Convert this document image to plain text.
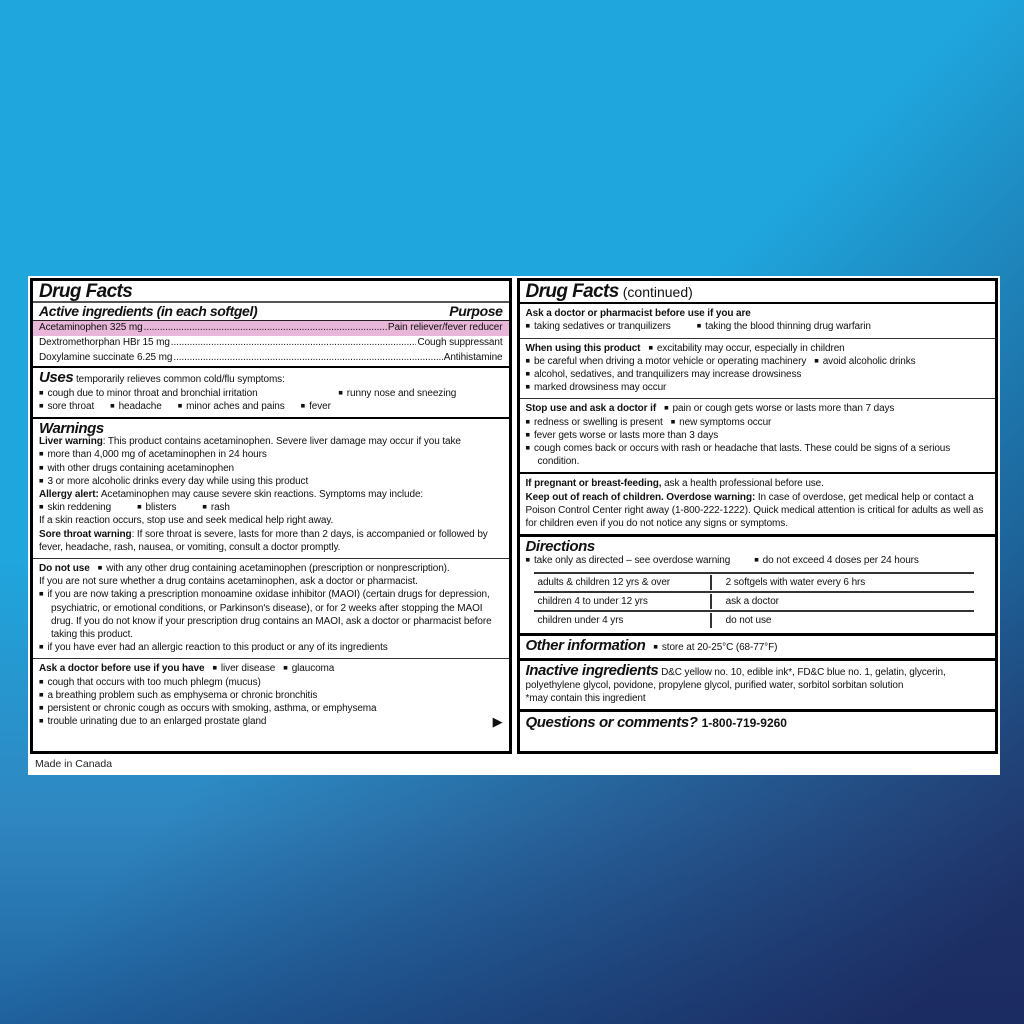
Drug Facts
Active ingredients (in each softgel)	Purpose
Acetaminophen 325 mg .....	Pain reliever/fever reducer
Dextromethorphan HBr 15 mg .....	Cough suppressant
Doxylamine succinate 6.25 mg .....	Antihistamine
Uses temporarily relieves common cold/flu symptoms:
■ cough due to minor throat and bronchial irritation	■ runny nose and sneezing
■ sore throat	■ headache	■ minor aches and pains	■ fever
Warnings
Liver warning: This product contains acetaminophen. Severe liver damage may occur if you take
■ more than 4,000 mg of acetaminophen in 24 hours
■ with other drugs containing acetaminophen
■ 3 or more alcoholic drinks every day while using this product
Allergy alert: Acetaminophen may cause severe skin reactions. Symptoms may include:
■ skin reddening	■ blisters	■ rash
If a skin reaction occurs, stop use and seek medical help right away.
Sore throat warning: If sore throat is severe, lasts for more than 2 days, is accompanied or followed by fever, headache, rash, nausea, or vomiting, consult a doctor promptly.
Do not use ■ with any other drug containing acetaminophen (prescription or nonprescription).
If you are not sure whether a drug contains acetaminophen, ask a doctor or pharmacist.
■ if you are now taking a prescription monoamine oxidase inhibitor (MAOI) (certain drugs for depression, psychiatric, or emotional conditions, or Parkinson's disease), or for 2 weeks after stopping the MAOI drug. If you do not know if your prescription drug contains an MAOI, ask a doctor or pharmacist before taking this product.
■ if you have ever had an allergic reaction to this product or any of its ingredients
Ask a doctor before use if you have ■ liver disease ■ glaucoma
■ cough that occurs with too much phlegm (mucus)
■ a breathing problem such as emphysema or chronic bronchitis
■ persistent or chronic cough as occurs with smoking, asthma, or emphysema
■ trouble urinating due to an enlarged prostate gland	▶
Drug Facts (continued)
Ask a doctor or pharmacist before use if you are
■ taking sedatives or tranquilizers	■ taking the blood thinning drug warfarin
When using this product ■ excitability may occur, especially in children
■ be careful when driving a motor vehicle or operating machinery ■ avoid alcoholic drinks
■ alcohol, sedatives, and tranquilizers may increase drowsiness
■ marked drowsiness may occur
Stop use and ask a doctor if ■ pain or cough gets worse or lasts more than 7 days
■ redness or swelling is present ■ new symptoms occur
■ fever gets worse or lasts more than 3 days
■ cough comes back or occurs with rash or headache that lasts. These could be signs of a serious condition.
If pregnant or breast-feeding, ask a health professional before use.
Keep out of reach of children. Overdose warning: In case of overdose, get medical help or contact a Poison Control Center right away (1-800-222-1222). Quick medical attention is critical for adults as well as for children even if you do not notice any signs or symptoms.
Directions
■ take only as directed – see overdose warning	■ do not exceed 4 doses per 24 hours
adults & children 12 yrs & over	2 softgels with water every 6 hrs
children 4 to under 12 yrs	ask a doctor
children under 4 yrs	do not use
Other information ■ store at 20-25°C (68-77°F)
Inactive ingredients D&C yellow no. 10, edible ink*, FD&C blue no. 1, gelatin, glycerin, polyethylene glycol, povidone, propylene glycol, purified water, sorbitol sorbitan solution
*may contain this ingredient
Questions or comments? 1-800-719-9260
Made in Canada
